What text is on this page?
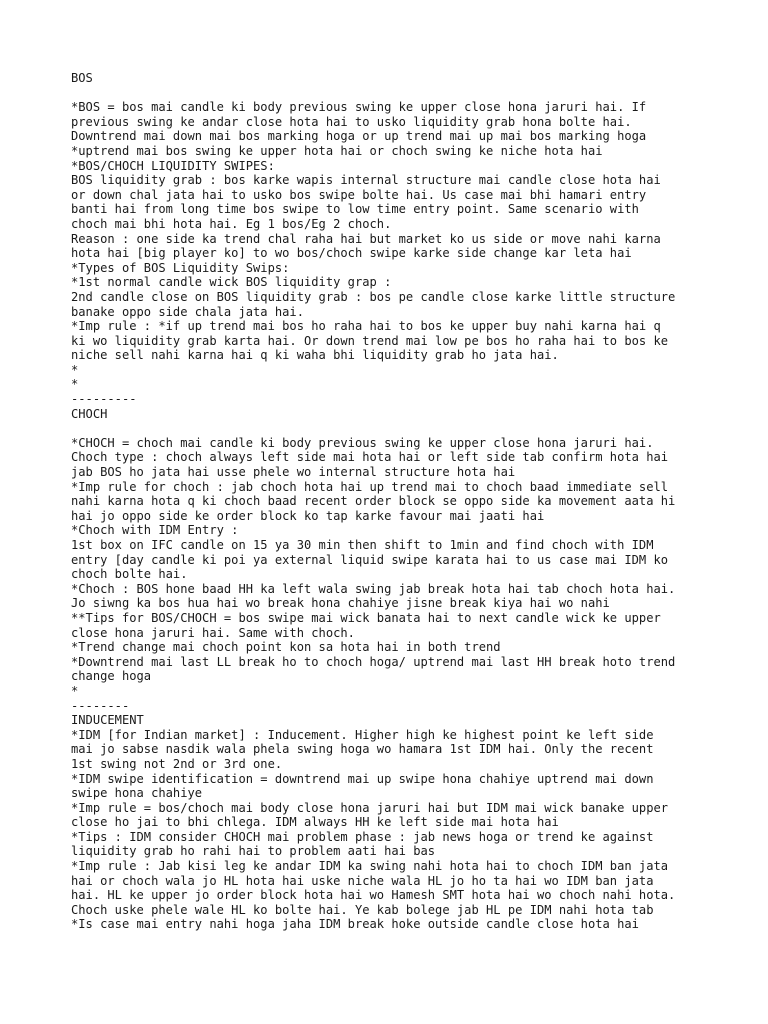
BOS
*BOS = bos mai candle ki body previous swing ke upper close hona jaruri hai. If
previous swing ke andar close hota hai to usko liquidity grab hona bolte hai.
Downtrend mai down mai bos marking hoga or up trend mai up mai bos marking hoga
*uptrend mai bos swing ke upper hota hai or choch swing ke niche hota hai
*BOS/CHOCH LIQUIDITY SWIPES:
BOS liquidity grab : bos karke wapis internal structure mai candle close hota hai
or down chal jata hai to usko bos swipe bolte hai. Us case mai bhi hamari entry
banti hai from long time bos swipe to low time entry point. Same scenario with
choch mai bhi hota hai. Eg 1 bos/Eg 2 choch.
Reason : one side ka trend chal raha hai but market ko us side or move nahi karna
hota hai [big player ko] to wo bos/choch swipe karke side change kar leta hai
*Types of BOS Liquidity Swips:
*1st normal candle wick BOS liquidity grap :
2nd candle close on BOS liquidity grab : bos pe candle close karke little structure
banake oppo side chala jata hai.
*Imp rule : *if up trend mai bos ho raha hai to bos ke upper buy nahi karna hai q
ki wo liquidity grab karta hai. Or down trend mai low pe bos ho raha hai to bos ke
niche sell nahi karna hai q ki waha bhi liquidity grab ho jata hai.
*
*
---------
CHOCH
*CHOCH = choch mai candle ki body previous swing ke upper close hona jaruri hai.
Choch type : choch always left side mai hota hai or left side tab confirm hota hai
jab BOS ho jata hai usse phele wo internal structure hota hai
*Imp rule for choch : jab choch hota hai up trend mai to choch baad immediate sell
nahi karna hota q ki choch baad recent order block se oppo side ka movement aata hi
hai jo oppo side ke order block ko tap karke favour mai jaati hai
*Choch with IDM Entry :
1st box on IFC candle on 15 ya 30 min then shift to 1min and find choch with IDM
entry [day candle ki poi ya external liquid swipe karata hai to us case mai IDM ko
choch bolte hai.
*Choch : BOS hone baad HH ka left wala swing jab break hota hai tab choch hota hai.
Jo siwng ka bos hua hai wo break hona chahiye jisne break kiya hai wo nahi
**Tips for BOS/CHOCH = bos swipe mai wick banata hai to next candle wick ke upper
close hona jaruri hai. Same with choch.
*Trend change mai choch point kon sa hota hai in both trend
*Downtrend mai last LL break ho to choch hoga/ uptrend mai last HH break hoto trend
change hoga
*
--------
INDUCEMENT
*IDM [for Indian market] : Inducement. Higher high ke highest point ke left side
mai jo sabse nasdik wala phela swing hoga wo hamara 1st IDM hai. Only the recent
1st swing not 2nd or 3rd one.
*IDM swipe identification = downtrend mai up swipe hona chahiye uptrend mai down
swipe hona chahiye
*Imp rule = bos/choch mai body close hona jaruri hai but IDM mai wick banake upper
close ho jai to bhi chlega. IDM always HH ke left side mai hota hai
*Tips : IDM consider CHOCH mai problem phase : jab news hoga or trend ke against
liquidity grab ho rahi hai to problem aati hai bas
*Imp rule : Jab kisi leg ke andar IDM ka swing nahi hota hai to choch IDM ban jata
hai or choch wala jo HL hota hai uske niche wala HL jo ho ta hai wo IDM ban jata
hai. HL ke upper jo order block hota hai wo Hamesh SMT hota hai wo choch nahi hota.
Choch uske phele wale HL ko bolte hai. Ye kab bolege jab HL pe IDM nahi hota tab
*Is case mai entry nahi hoga jaha IDM break hoke outside candle close hota hai
